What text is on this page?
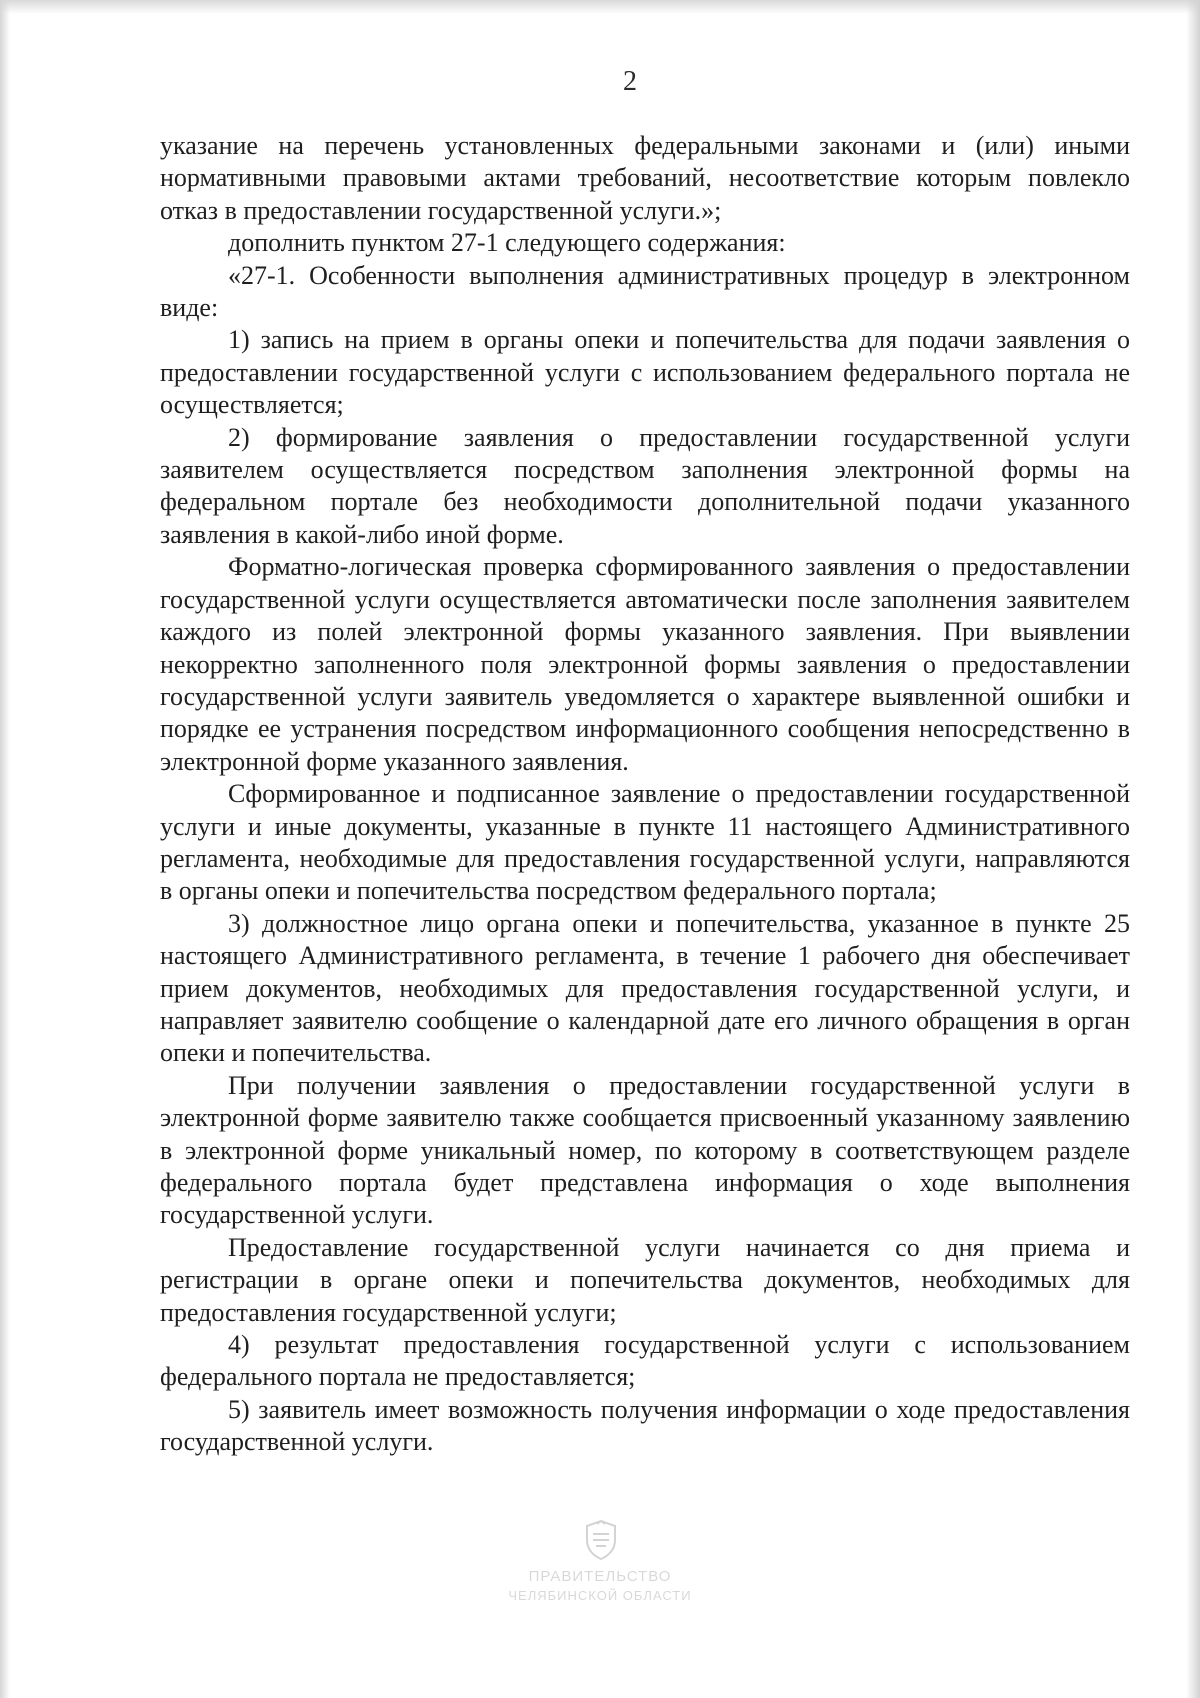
2

указание на перечень установленных федеральными законами и (или) иными нормативными правовыми актами требований, несоответствие которым повлекло отказ в предоставлении государственной услуги.»;

дополнить пунктом 27-1 следующего содержания:

«27-1. Особенности выполнения административных процедур в электронном виде:

1) запись на прием в органы опеки и попечительства для подачи заявления о предоставлении государственной услуги с использованием федерального портала не осуществляется;

2) формирование заявления о предоставлении государственной услуги заявителем осуществляется посредством заполнения электронной формы на федеральном портале без необходимости дополнительной подачи указанного заявления в какой-либо иной форме.

Форматно-логическая проверка сформированного заявления о предоставлении государственной услуги осуществляется автоматически после заполнения заявителем каждого из полей электронной формы указанного заявления. При выявлении некорректно заполненного поля электронной формы заявления о предоставлении государственной услуги заявитель уведомляется о характере выявленной ошибки и порядке ее устранения посредством информационного сообщения непосредственно в электронной форме указанного заявления.

Сформированное и подписанное заявление о предоставлении государственной услуги и иные документы, указанные в пункте 11 настоящего Административного регламента, необходимые для предоставления государственной услуги, направляются в органы опеки и попечительства посредством федерального портала;

3) должностное лицо органа опеки и попечительства, указанное в пункте 25 настоящего Административного регламента, в течение 1 рабочего дня обеспечивает прием документов, необходимых для предоставления государственной услуги, и направляет заявителю сообщение о календарной дате его личного обращения в орган опеки и попечительства.

При получении заявления о предоставлении государственной услуги в электронной форме заявителю также сообщается присвоенный указанному заявлению в электронной форме уникальный номер, по которому в соответствующем разделе федерального портала будет представлена информация о ходе выполнения государственной услуги.

Предоставление государственной услуги начинается со дня приема и регистрации в органе опеки и попечительства документов, необходимых для предоставления государственной услуги;

4) результат предоставления государственной услуги с использованием федерального портала не предоставляется;

5) заявитель имеет возможность получения информации о ходе предоставления государственной услуги.

ПРАВИТЕЛЬСТВО
ЧЕЛЯБИНСКОЙ ОБЛАСТИ
